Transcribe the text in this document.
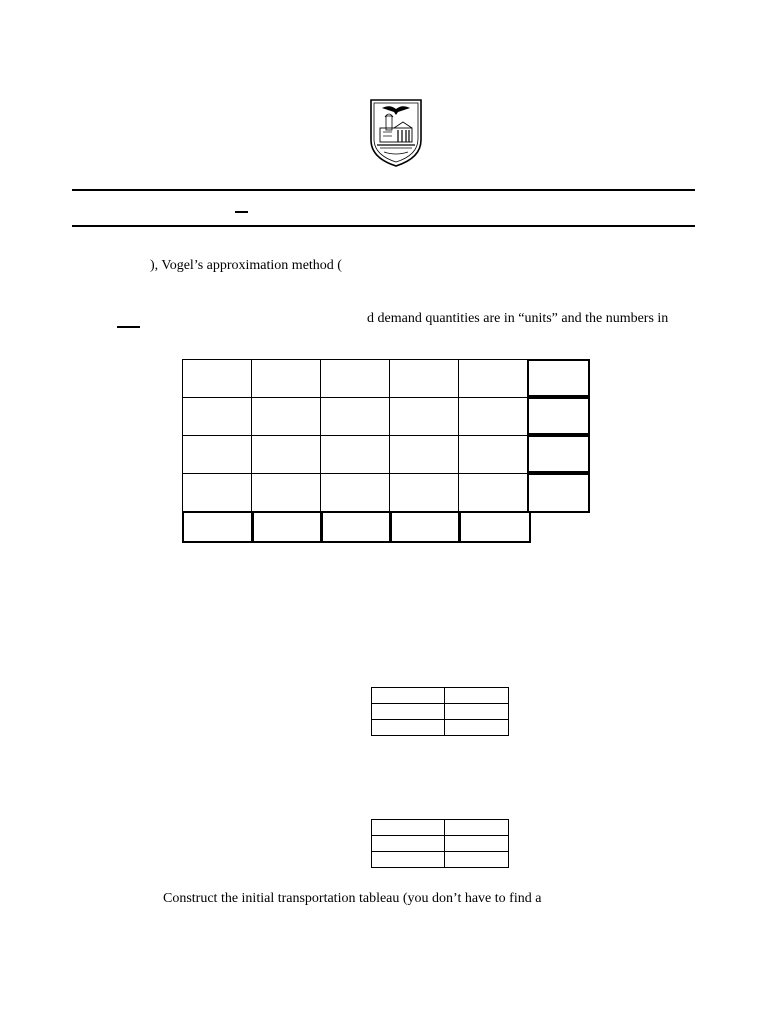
), Vogel’s approximation method (
d demand quantities are in “units” and the numbers in

Construct the initial transportation tableau (you don’t have to find a
